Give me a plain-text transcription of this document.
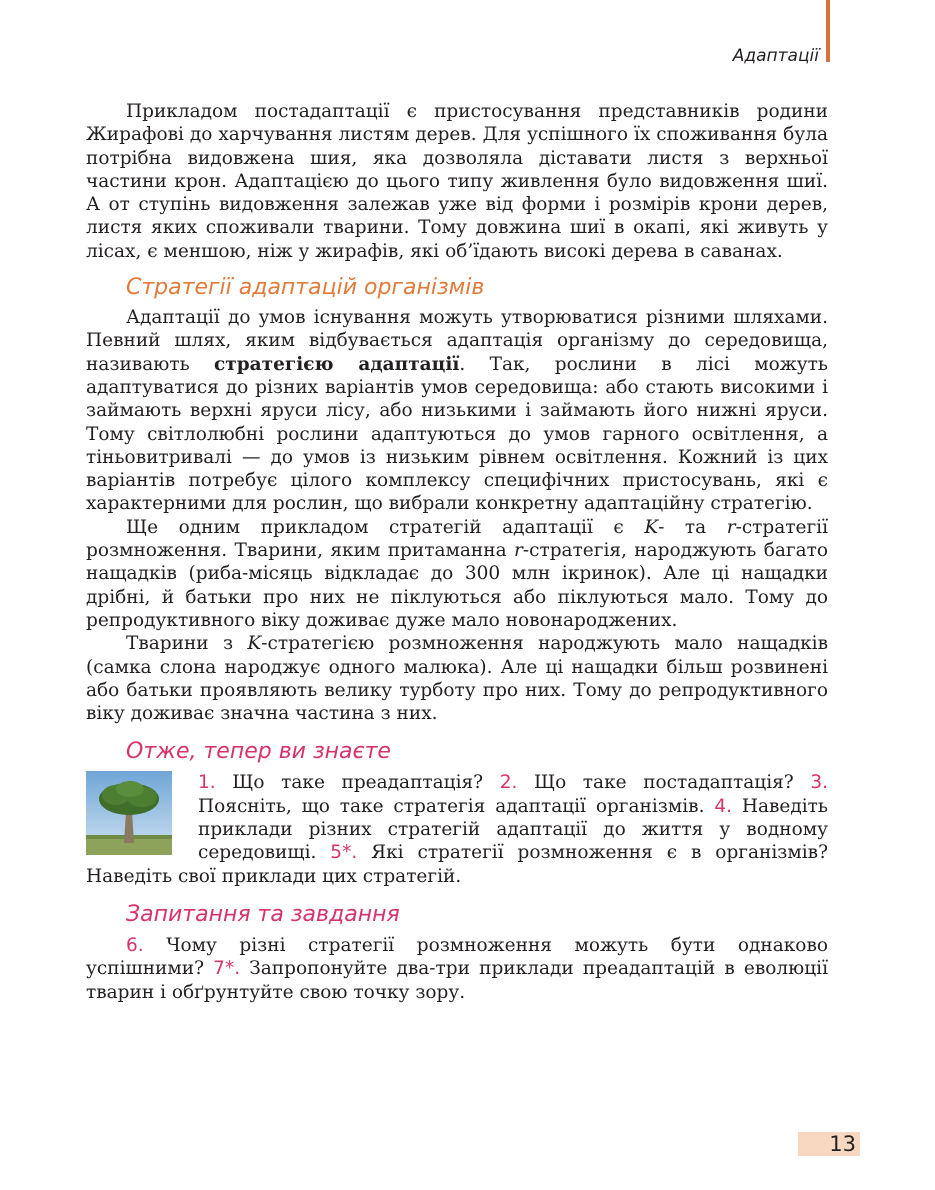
Адаптації

Прикладом постадаптації є пристосування представників родини Жирафові до харчування листям дерев. Для успішного їх споживання була потрібна видовжена шия, яка дозволяла діставати листя з верхньої частини крон. Адаптацією до цього типу живлення було видовження шиї. А от ступінь видовження залежав уже від форми і розмірів крони дерев, листя яких споживали тварини. Тому довжина шиї в окапі, які живуть у лісах, є меншою, ніж у жирафів, які об’їдають високі дерева в саванах.

Стратегії адаптацій організмів

Адаптації до умов існування можуть утворюватися різними шляхами. Певний шлях, яким відбувається адаптація організму до середовища, називають стратегією адаптації. Так, рослини в лісі можуть адаптуватися до різних варіантів умов середовища: або стають високими і займають верхні яруси лісу, або низькими і займають його нижні яруси. Тому світлолюбні рослини адаптуються до умов гарного освітлення, а тіньовитривалі — до умов із низьким рівнем освітлення. Кожний із цих варіантів потребує цілого комплексу специфічних пристосувань, які є характерними для рослин, що вибрали конкретну адаптаційну стратегію.

Ще одним прикладом стратегій адаптації є K- та r-стратегії розмноження. Тварини, яким притаманна r-стратегія, народжують багато нащадків (риба-місяць відкладає до 300 млн ікринок). Але ці нащадки дрібні, й батьки про них не піклуються або піклуються мало. Тому до репродуктивного віку доживає дуже мало новонароджених.

Тварини з K-стратегією розмноження народжують мало нащадків (самка слона народжує одного малюка). Але ці нащадки більш розвинені або батьки проявляють велику турботу про них. Тому до репродуктивного віку доживає значна частина з них.

Отже, тепер ви знаєте

1. Що таке преадаптація? 2. Що таке постадаптація? 3. Поясніть, що таке стратегія адаптації організмів. 4. Наведіть приклади різних стратегій адаптації до життя у водному середовищі. 5*. Які стратегії розмноження є в організмів? Наведіть свої приклади цих стратегій.

Запитання та завдання

6. Чому різні стратегії розмноження можуть бути однаково успішними? 7*. Запропонуйте два-три приклади преадаптацій в еволюції тварин і обґрунтуйте свою точку зору.

13
